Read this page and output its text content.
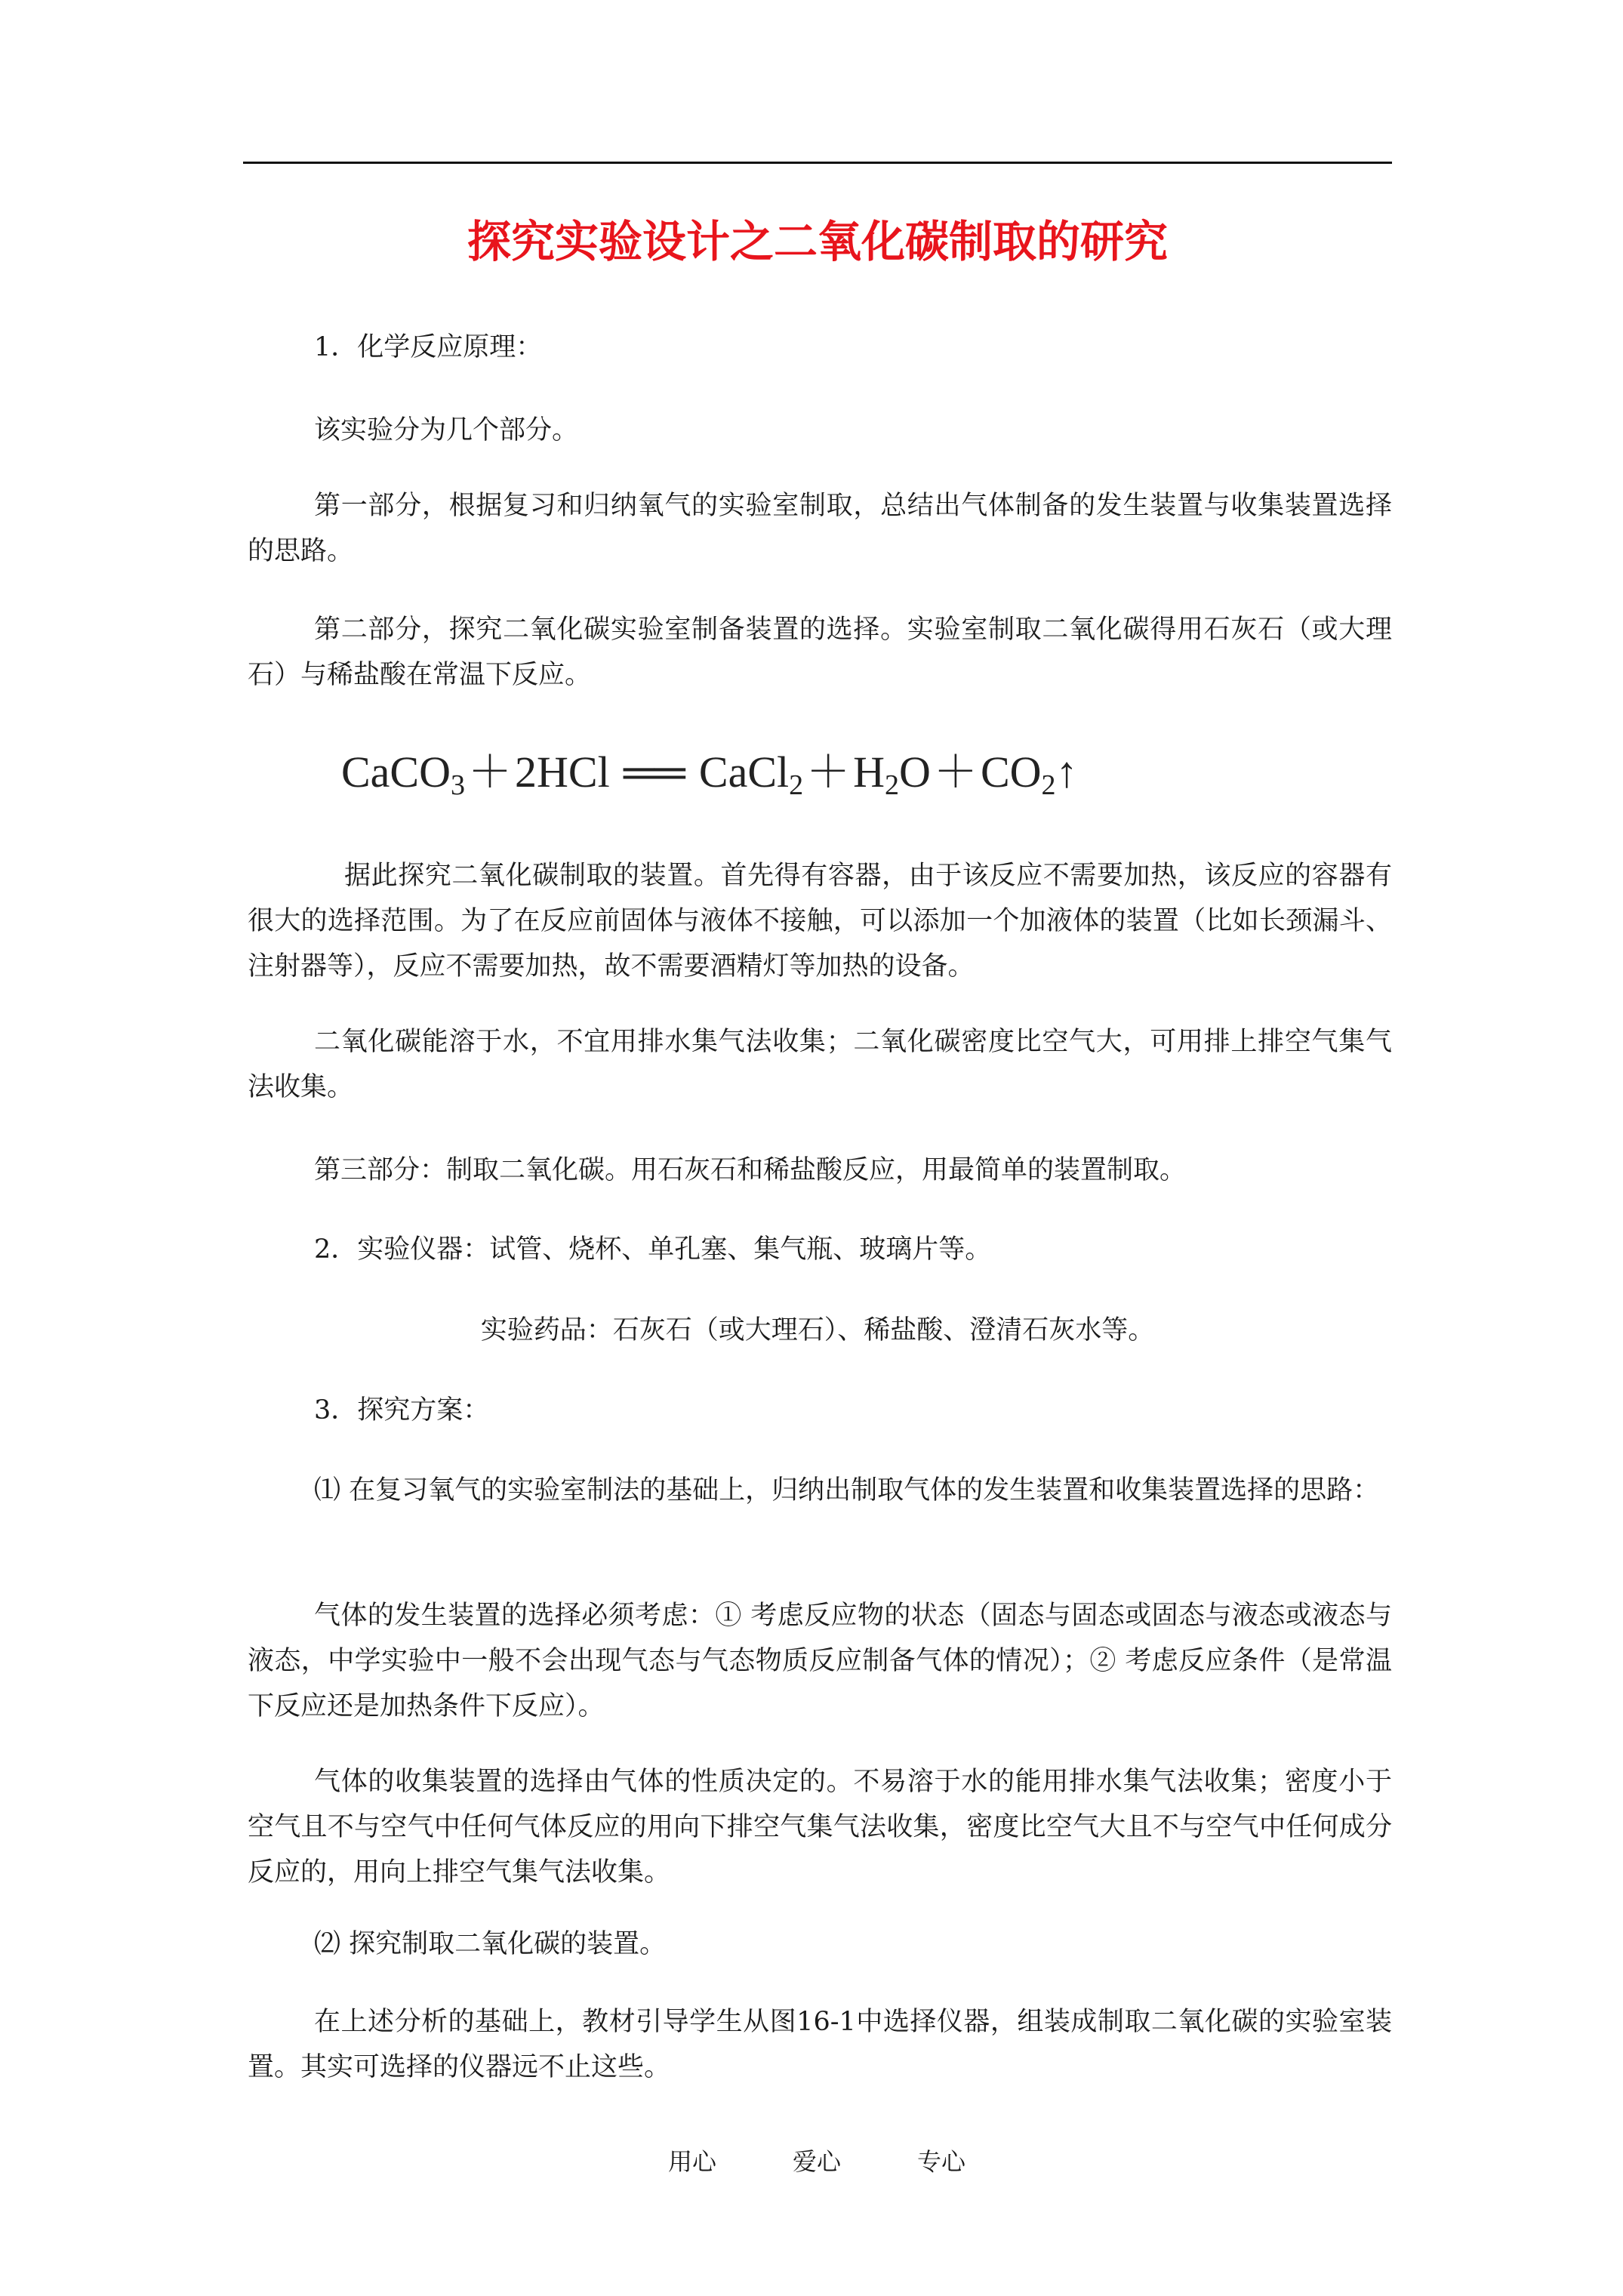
探究实验设计之二氧化碳制取的研究

1．化学反应原理：

该实验分为几个部分。

第一部分，根据复习和归纳氧气的实验室制取，总结出气体制备的发生装置与收集装置选择的思路。

第二部分，探究二氧化碳实验室制备装置的选择。实验室制取二氧化碳得用石灰石（或大理石）与稀盐酸在常温下反应。

CaCO$_3$＋2HCl ══ $CaCl_2+H_2O+CO_2↑$

据此探究二氧化碳制取的装置。首先得有容器，由于该反应不需要加热，该反应的容器有很大的选择范围。为了在反应前固体与液体不接触，可以添加一个加液体的装置（比如长颈漏斗、注射器等），反应不需要加热，故不需要酒精灯等加热的设备。

二氧化碳能溶于水，不宜用排水集气法收集；二氧化碳密度比空气大，可用排上排空气集气法收集。

第三部分：制取二氧化碳。用石灰石和稀盐酸反应，用最简单的装置制取。

2．实验仪器：试管、烧杯、单孔塞、集气瓶、玻璃片等。

实验药品：石灰石（或大理石）、稀盐酸、澄清石灰水等。

3．探究方案：

⑴ 在复习氧气的实验室制法的基础上，归纳出制取气体的发生装置和收集装置选择的思路：

气体的发生装置的选择必须考虑：① 考虑反应物的状态（固态与固态或固态与液态或液态与液态，中学实验中一般不会出现气态与气态物质反应制备气体的情况）；② 考虑反应条件（是常温下反应还是加热条件下反应）。

气体的收集装置的选择由气体的性质决定的。不易溶于水的能用排水集气法收集；密度小于空气且不与空气中任何气体反应的用向下排空气集气法收集，密度比空气大且不与空气中任何成分反应的，用向上排空气集气法收集。

⑵ 探究制取二氧化碳的装置。

在上述分析的基础上，教材引导学生从图16-1中选择仪器，组装成制取二氧化碳的实验室装置。其实可选择的仪器远不止这些。

用心	爱心	专心
